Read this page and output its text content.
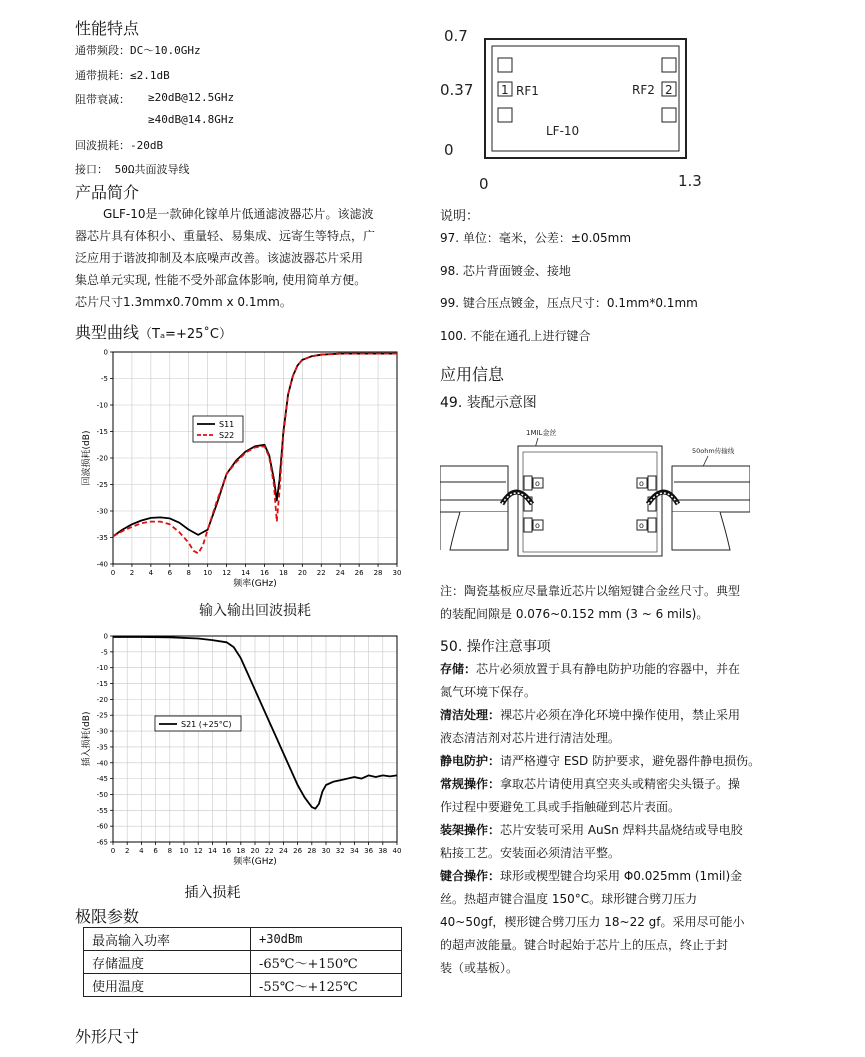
性能特点
通带频段：DC～10.0GHz
通带损耗：≤2.1dB
阻带衰减： ≥20dB@12.5GHz
≥40dB@14.8GHz
回波损耗：-20dB
接口： 50Ω共面波导线
产品简介
GLF-10是一款砷化镓单片低通滤波器芯片。该滤波
器芯片具有体积小、重量轻、易集成、远寄生等特点，广
泛应用于谐波抑制及本底噪声改善。该滤波器芯片采用
集总单元实现, 性能不受外部盒体影响, 使用简单方便。
芯片尺寸1.3mmx0.70mm x 0.1mm。
典型曲线（Tₐ=+25˚C）
0 2 4 6 8 10 12 14 16 18 20 22 24 26 28 30
0
-5
-10
-15
-20
-25
-30
-35
-40
S11
S22
频率(GHz)
回波损耗(dB)
输入输出回波损耗
0 2 4 6 8 10 12 14 16 18 20 22 24 26 28 30 32 34 36 38 40
0
-5
-10
-15
-20
-25
-30
-35
-40
-45
-50
-55
-60
-65
S21 (+25°C)
频率(GHz)
插入损耗(dB)
插入损耗
极限参数
最高输入功率	+30dBm
存储温度	-65℃～+150℃
使用温度	-55℃～+125℃
外形尺寸
0.7
0.37
0
0	1.3
1 RF1	2
RF2
LF-10
说明：
97. 单位：毫米，公差：±0.05mm
98. 芯片背面镀金、接地
99. 键合压点镀金，压点尺寸：0.1mm*0.1mm
100. 不能在通孔上进行键合
应用信息
49. 装配示意图
1MIL金丝
50ohm传输线
o
o
o
o
注：陶瓷基板应尽量靠近芯片以缩短键合金丝尺寸。典型
的装配间隙是 0.076~0.152 mm (3 ~ 6 mils)。
50. 操作注意事项

存储：芯片必须放置于具有静电防护功能的容器中，并在

氮气环境下保存。

清洁处理：裸芯片必须在净化环境中操作使用，禁止采用

液态清洁剂对芯片进行清洁处理。

静电防护：请严格遵守 ESD 防护要求，避免器件静电损伤。

常规操作：拿取芯片请使用真空夹头或精密尖头镊子。操

作过程中要避免工具或手指触碰到芯片表面。

装架操作：芯片安装可采用 AuSn 焊料共晶烧结或导电胶

粘接工艺。安装面必须清洁平整。

键合操作：球形或楔型键合均采用 Φ0.025mm (1mil)金

丝。热超声键合温度 150°C。球形键合劈刀压力

40~50gf，楔形键合劈刀压力 18~22 gf。采用尽可能小

的超声波能量。键合时起始于芯片上的压点，终止于封

装（或基板）。
